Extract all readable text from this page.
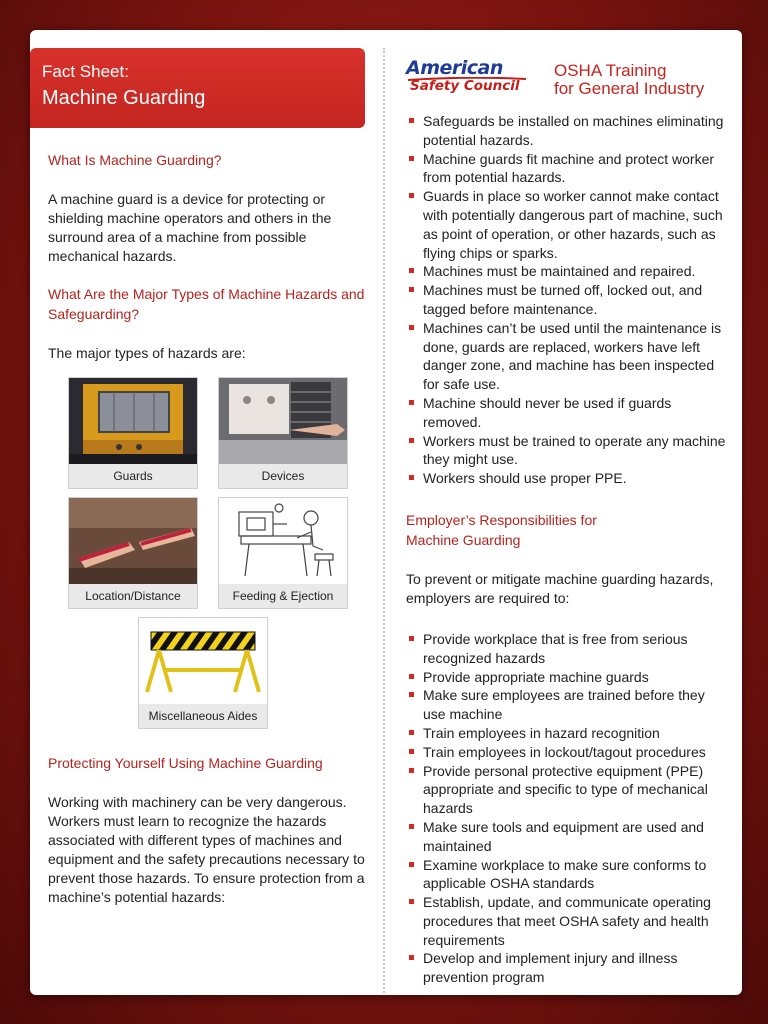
Fact Sheet:
Machine Guarding
What Is Machine Guarding?
A machine guard is a device for protecting or shielding machine operators and others in the surround area of a machine from possible mechanical hazards.
What Are the Major Types of Machine Hazards and Safeguarding?
The major types of hazards are:
Guards	Devices
Location/Distance	Feeding & Ejection
Miscellaneous Aides
Protecting Yourself Using Machine Guarding
Working with machinery can be very dangerous. Workers must learn to recognize the hazards associated with different types of machines and equipment and the safety precautions necessary to prevent those hazards. To ensure protection from a machine’s potential hazards:
American
Safety Council
OSHA Training
for General Industry
Safeguards be installed on machines eliminating potential hazards.
Machine guards fit machine and protect worker from potential hazards.
Guards in place so worker cannot make contact with potentially dangerous part of machine, such as point of operation, or other hazards, such as flying chips or sparks.
Machines must be maintained and repaired.
Machines must be turned off, locked out, and tagged before maintenance.
Machines can’t be used until the maintenance is done, guards are replaced, workers have left danger zone, and machine has been inspected for safe use.
Machine should never be used if guards removed.
Workers must be trained to operate any machine they might use.
Workers should use proper PPE.
Employer’s Responsibilities for
Machine Guarding
To prevent or mitigate machine guarding hazards, employers are required to:
Provide workplace that is free from serious recognized hazards
Provide appropriate machine guards
Make sure employees are trained before they use machine
Train employees in hazard recognition
Train employees in lockout/tagout procedures
Provide personal protective equipment (PPE) appropriate and specific to type of mechanical hazards
Make sure tools and equipment are used and maintained
Examine workplace to make sure conforms to applicable OSHA standards
Establish, update, and communicate operating procedures that meet OSHA safety and health requirements
Develop and implement injury and illness prevention program
